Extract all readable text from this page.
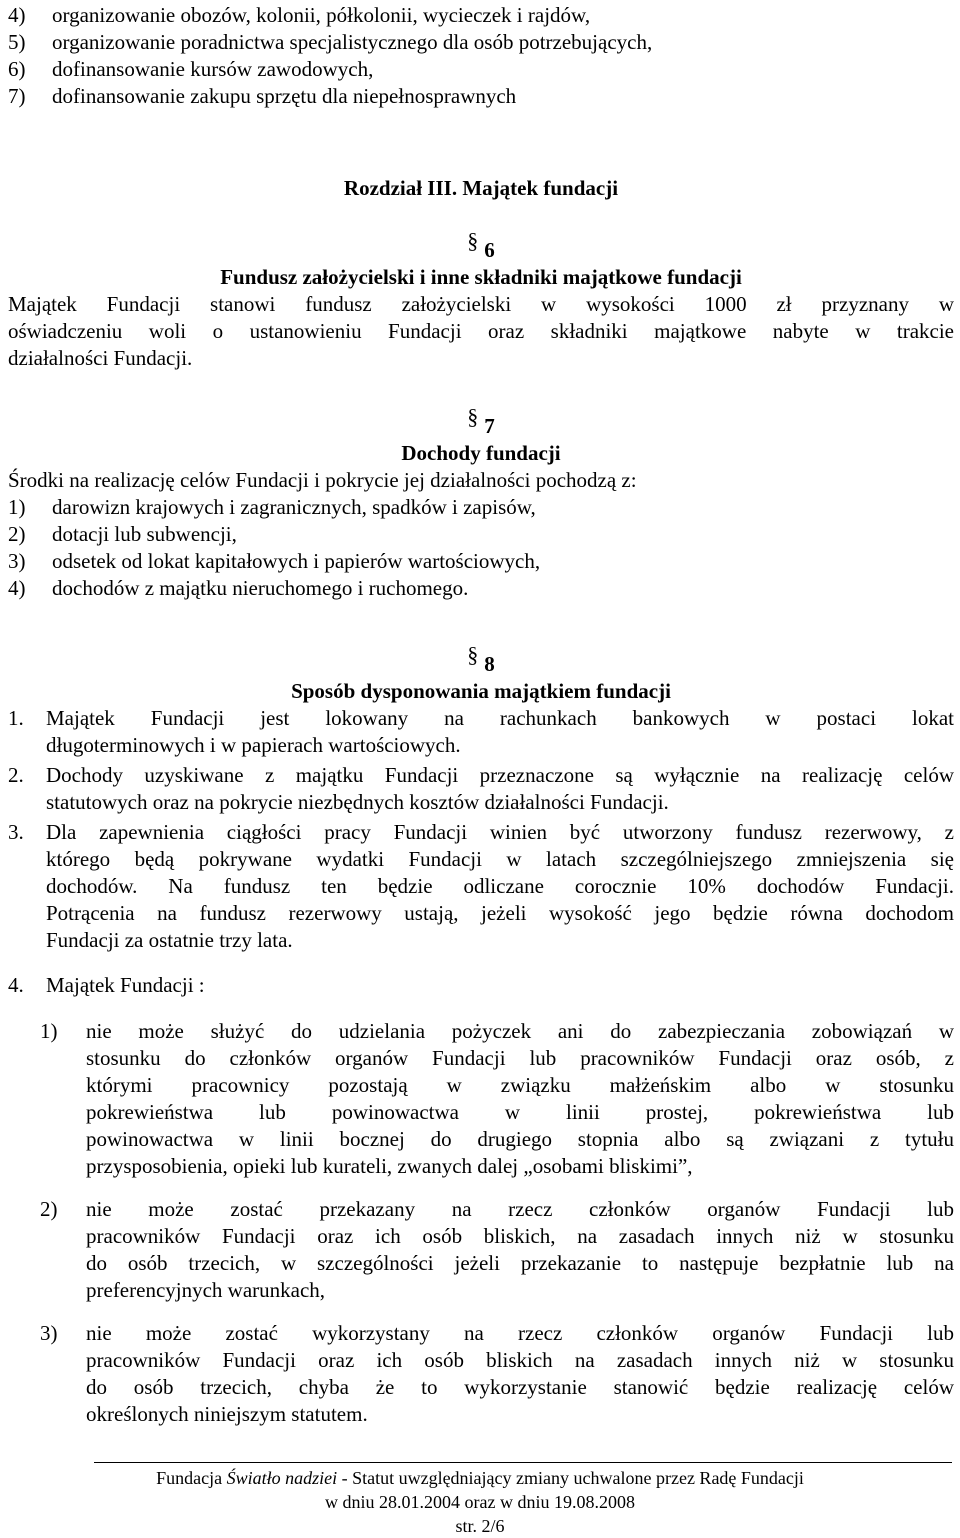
4) organizowanie obozów, kolonii, półkolonii, wycieczek i rajdów,
5) organizowanie poradnictwa specjalistycznego dla osób potrzebujących,
6) dofinansowanie kursów zawodowych,
7) dofinansowanie zakupu sprzętu dla niepełnosprawnych
Rozdział III. Majątek fundacji
§ 6
Fundusz założycielski i inne składniki majątkowe fundacji
Majątek Fundacji stanowi fundusz założycielski w wysokości 1000 zł przyznany w
oświadczeniu woli o ustanowieniu Fundacji oraz składniki majątkowe nabyte w trakcie
działalności Fundacji.
§ 7
Dochody fundacji
Środki na realizację celów Fundacji i pokrycie jej działalności pochodzą z:
1) darowizn krajowych i zagranicznych, spadków i zapisów,
2) dotacji lub subwencji,
3) odsetek od lokat kapitałowych i papierów wartościowych,
4) dochodów z majątku nieruchomego i ruchomego.
§ 8
Sposób dysponowania majątkiem fundacji
1.	Majątek Fundacji jest lokowany na rachunkach bankowych w postaci lokat
długoterminowych i w papierach wartościowych.
2.	Dochody uzyskiwane z majątku Fundacji przeznaczone są wyłącznie na realizację celów
statutowych oraz na pokrycie niezbędnych kosztów działalności Fundacji.
3.	Dla zapewnienia ciągłości pracy Fundacji winien być utworzony fundusz rezerwowy, z
którego będą pokrywane wydatki Fundacji w latach szczególniejszego zmniejszenia się
dochodów. Na fundusz ten będzie odliczane corocznie 10% dochodów Fundacji.
Potrącenia na fundusz rezerwowy ustają, jeżeli wysokość jego będzie równa dochodom
Fundacji za ostatnie trzy lata.
4.	Majątek Fundacji :
1)	nie może służyć do udzielania pożyczek ani do zabezpieczania zobowiązań w
stosunku do członków organów Fundacji lub pracowników Fundacji oraz osób, z
którymi pracownicy pozostają w związku małżeńskim albo w stosunku
pokrewieństwa lub powinowactwa w linii prostej, pokrewieństwa lub
powinowactwa w linii bocznej do drugiego stopnia albo są związani z tytułu
przysposobienia, opieki lub kurateli, zwanych dalej „osobami bliskimi”,
2)	nie może zostać przekazany na rzecz członków organów Fundacji lub
pracowników Fundacji oraz ich osób bliskich, na zasadach innych niż w stosunku
do osób trzecich, w szczególności jeżeli przekazanie to następuje bezpłatnie lub na
preferencyjnych warunkach,
3)	nie może zostać wykorzystany na rzecz członków organów Fundacji lub
pracowników Fundacji oraz ich osób bliskich na zasadach innych niż w stosunku
do osób trzecich, chyba że to wykorzystanie stanowić będzie realizację celów
określonych niniejszym statutem.
Fundacja Światło nadziei - Statut uwzględniający zmiany uchwalone przez Radę Fundacji
w dniu 28.01.2004 oraz w dniu 19.08.2008
str. 2/6
